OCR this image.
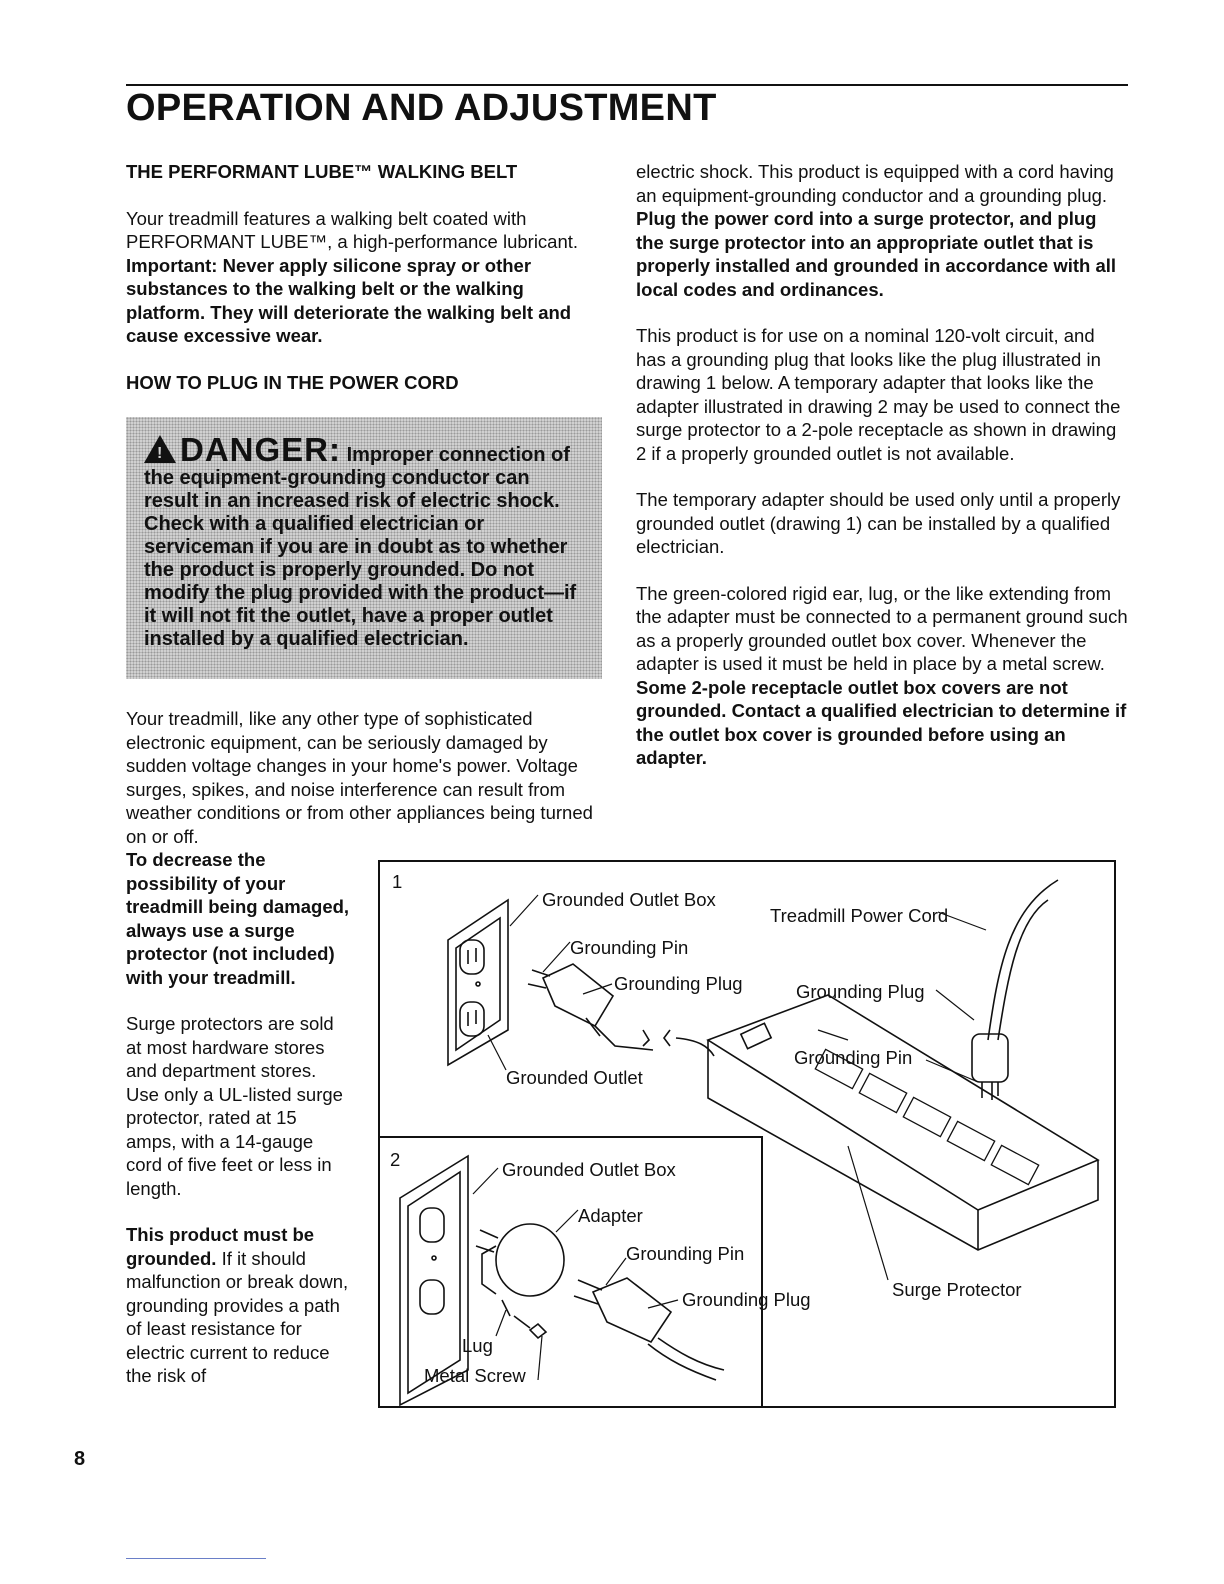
OPERATION AND ADJUSTMENT
THE PERFORMANT LUBE™ WALKING BELT

Your treadmill features a walking belt coated with PERFORMANT LUBE™, a high-performance lubricant. Important: Never apply silicone spray or other substances to the walking belt or the walking platform. They will deteriorate the walking belt and cause excessive wear.

HOW TO PLUG IN THE POWER CORD
! DANGER: Improper connection of the equipment-grounding conductor can result in an increased risk of electric shock. Check with a qualified electrician or serviceman if you are in doubt as to whether the product is properly grounded. Do not modify the plug provided with the product—if it will not fit the outlet, have a proper outlet installed by a qualified electrician.

Your treadmill, like any other type of sophisticated electronic equipment, can be seriously damaged by sudden voltage changes in your home's power. Voltage surges, spikes, and noise interference can result from weather conditions or from other appliances being turned on or off.

To decrease the possibility of your treadmill being damaged, always use a surge protector (not included) with your treadmill.

Surge protectors are sold at most hardware stores and department stores. Use only a UL-listed surge protector, rated at 15 amps, with a 14-gauge cord of five feet or less in length.

This product must be grounded. If it should malfunction or break down, grounding provides a path of least resistance for electric current to reduce the risk of

electric shock. This product is equipped with a cord having an equipment-grounding conductor and a grounding plug. Plug the power cord into a surge protector, and plug the surge protector into an appropriate outlet that is properly installed and grounded in accordance with all local codes and ordinances.

This product is for use on a nominal 120-volt circuit, and has a grounding plug that looks like the plug illustrated in drawing 1 below. A temporary adapter that looks like the adapter illustrated in drawing 2 may be used to connect the surge protector to a 2-pole receptacle as shown in drawing 2 if a properly grounded outlet is not available.

The temporary adapter should be used only until a properly grounded outlet (drawing 1) can be installed by a qualified electrician.

The green-colored rigid ear, lug, or the like extending from the adapter must be connected to a permanent ground such as a properly grounded outlet box cover. Whenever the adapter is used it must be held in place by a metal screw. Some 2-pole receptacle outlet box covers are not grounded. Contact a qualified electrician to determine if the outlet box cover is grounded before using an adapter.

1
2
Grounded Outlet Box
Grounding Pin
Grounding Plug
Grounded Outlet
Treadmill Power Cord
Grounding Plug
Grounding Pin
Surge Protector
Grounded Outlet Box
Adapter
Grounding Pin
Grounding Plug
Lug
Metal Screw
8
